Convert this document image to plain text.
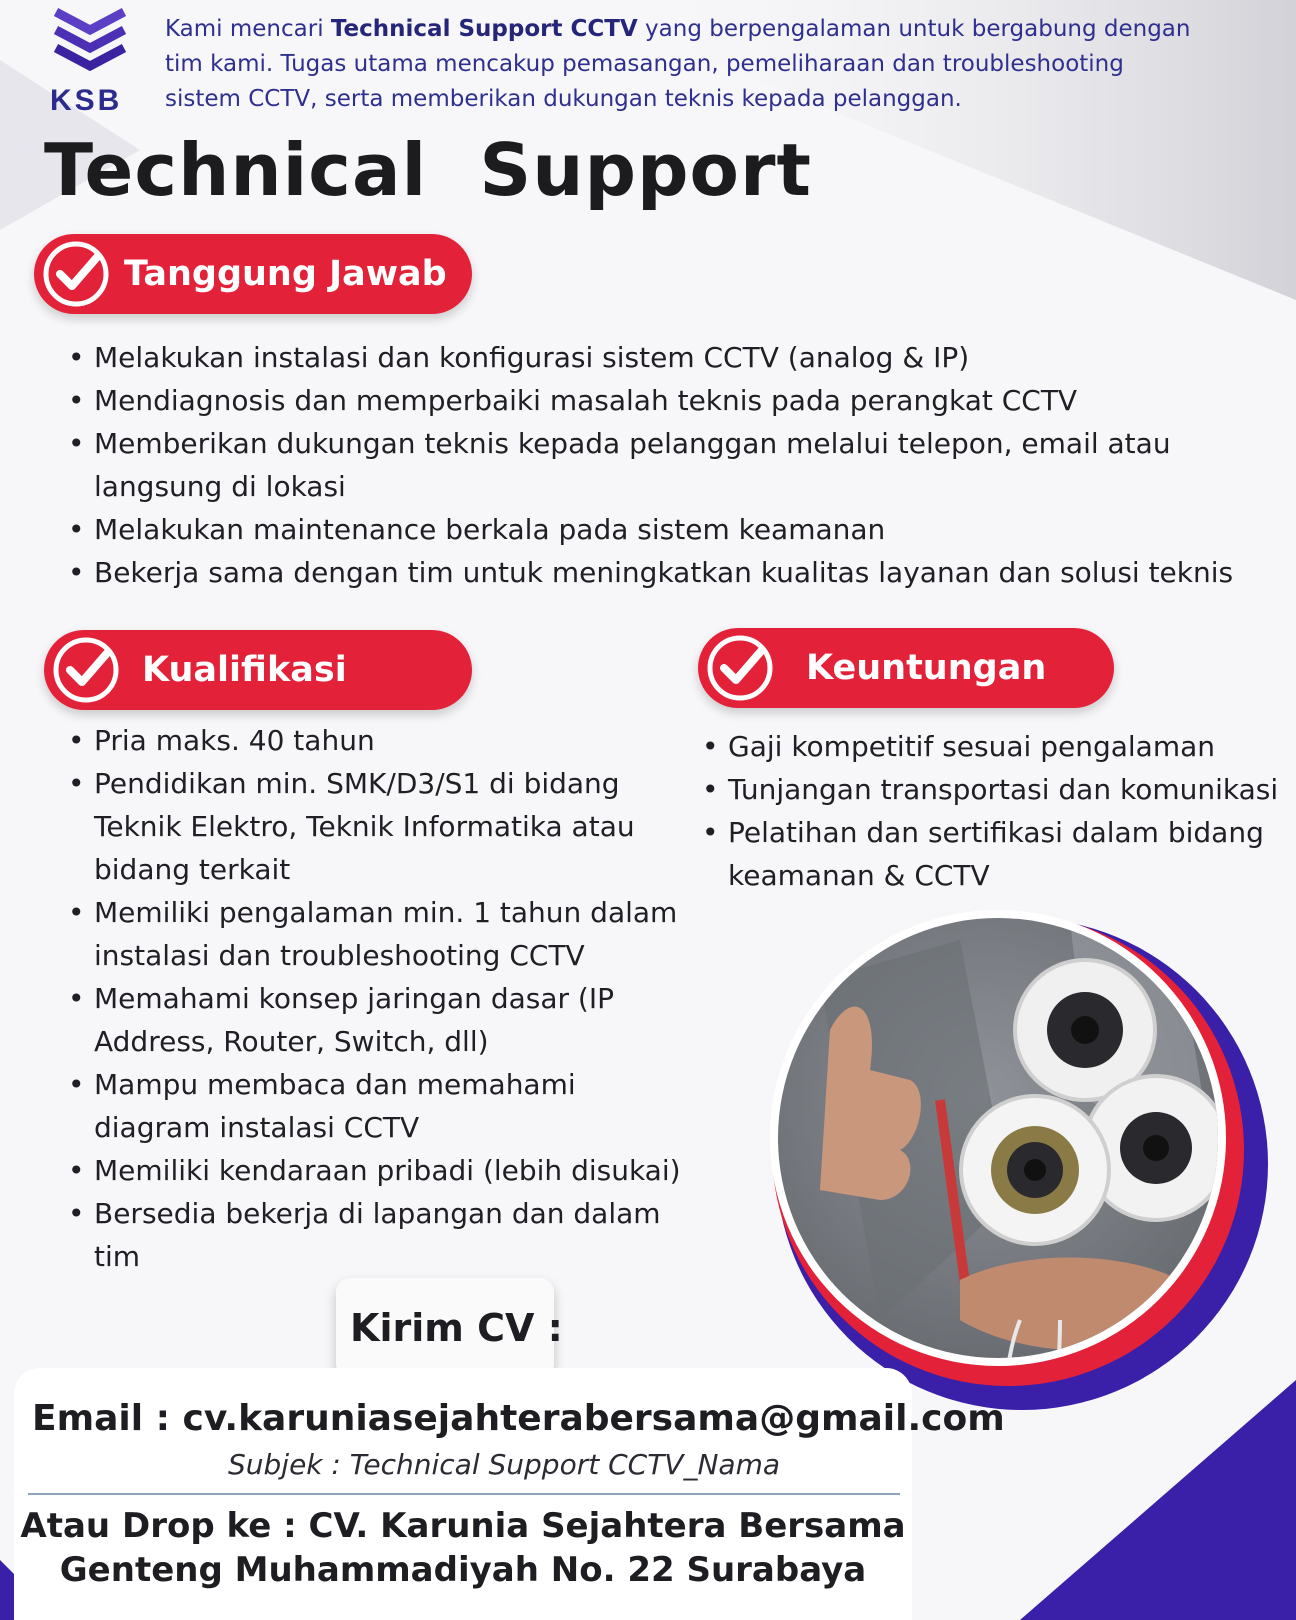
KSB
Kami mencari Technical Support CCTV yang berpengalaman untuk bergabung dengan tim kami. Tugas utama mencakup pemasangan, pemeliharaan dan troubleshooting sistem CCTV, serta memberikan dukungan teknis kepada pelanggan.
Technical  Support
Tanggung Jawab
• Melakukan instalasi dan konfigurasi sistem CCTV (analog & IP)
• Mendiagnosis dan memperbaiki masalah teknis pada perangkat CCTV
• Memberikan dukungan teknis kepada pelanggan melalui telepon, email atau langsung di lokasi
• Melakukan maintenance berkala pada sistem keamanan
• Bekerja sama dengan tim untuk meningkatkan kualitas layanan dan solusi teknis
Kualifikasi	Keuntungan
• Pria maks. 40 tahun
• Pendidikan min. SMK/D3/S1 di bidang Teknik Elektro, Teknik Informatika atau bidang terkait
• Memiliki pengalaman min. 1 tahun dalam instalasi dan troubleshooting CCTV
• Memahami konsep jaringan dasar (IP Address, Router, Switch, dll)
• Mampu membaca dan memahami diagram instalasi CCTV
• Memiliki kendaraan pribadi (lebih disukai)
• Bersedia bekerja di lapangan dan dalam tim
• Gaji kompetitif sesuai pengalaman
• Tunjangan transportasi dan komunikasi
• Pelatihan dan sertifikasi dalam bidang keamanan & CCTV
Kirim CV :
Email : cv.karuniasejahterabersama@gmail.com
Subjek : Technical Support CCTV_Nama
Atau Drop ke : CV. Karunia Sejahtera Bersama
Genteng Muhammadiyah No. 22 Surabaya
